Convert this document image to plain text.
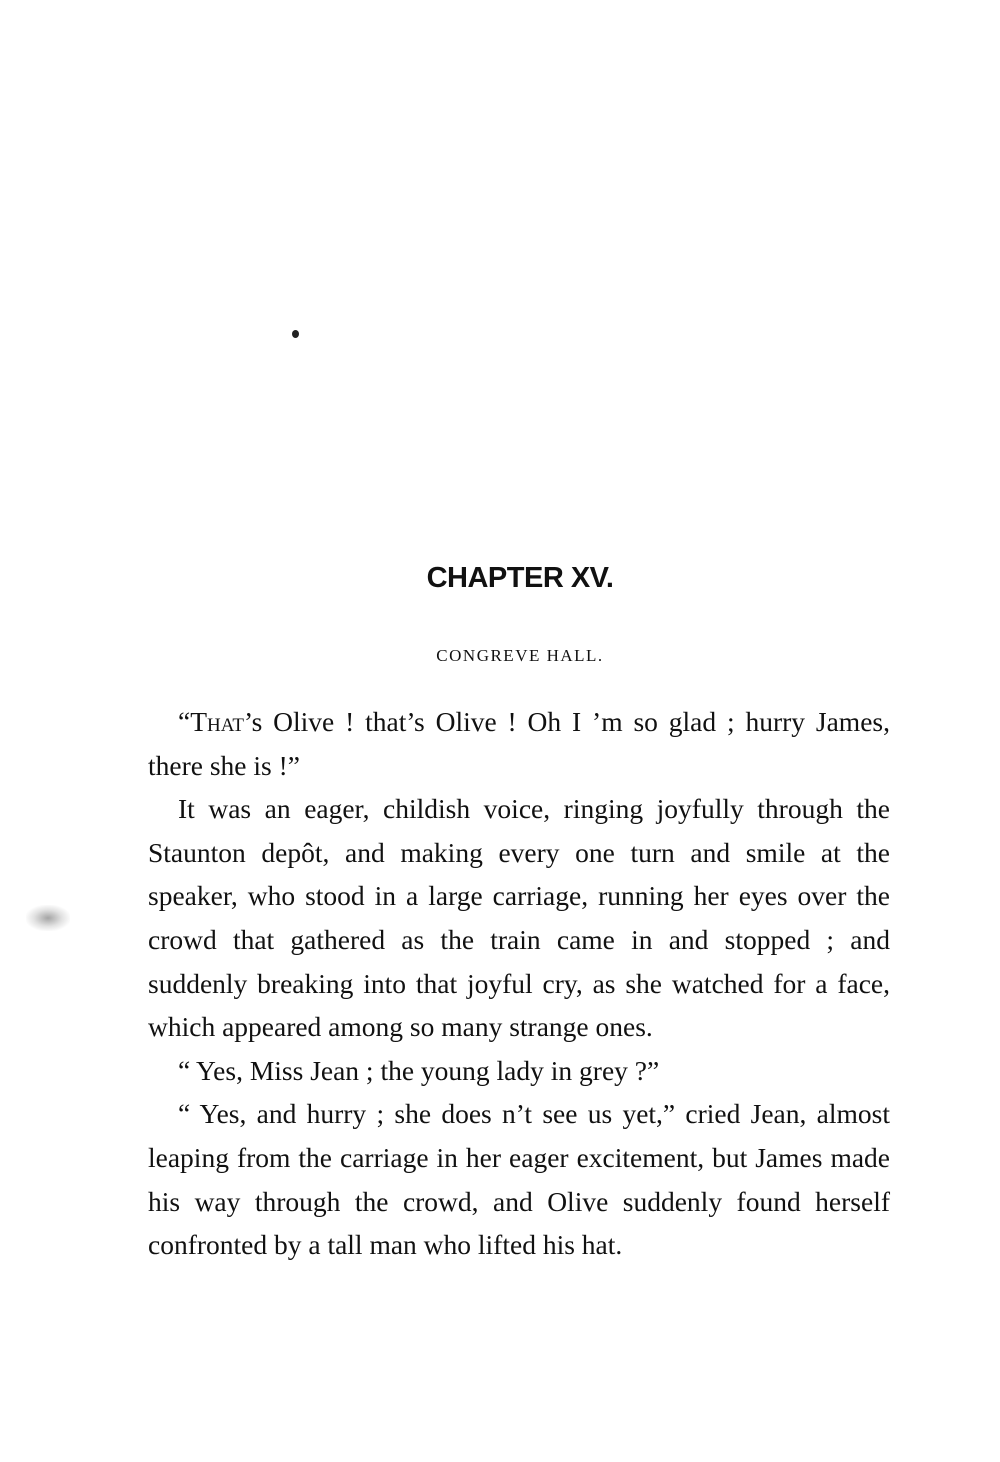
CHAPTER XV.
CONGREVE HALL.

“That’s Olive ! that’s Olive ! Oh I ’m so glad ; hurry James, there she is !”

It was an eager, childish voice, ringing joyfully through the Staunton depôt, and making every one turn and smile at the speaker, who stood in a large carriage, running her eyes over the crowd that gathered as the train came in and stopped ; and suddenly breaking into that joyful cry, as she watched for a face, which appeared among so many strange ones.

“ Yes, Miss Jean ; the young lady in grey ?”

“ Yes, and hurry ; she does n’t see us yet,” cried Jean, almost leaping from the carriage in her eager excitement, but James made his way through the crowd, and Olive suddenly found herself confronted by a tall man who lifted his hat.
